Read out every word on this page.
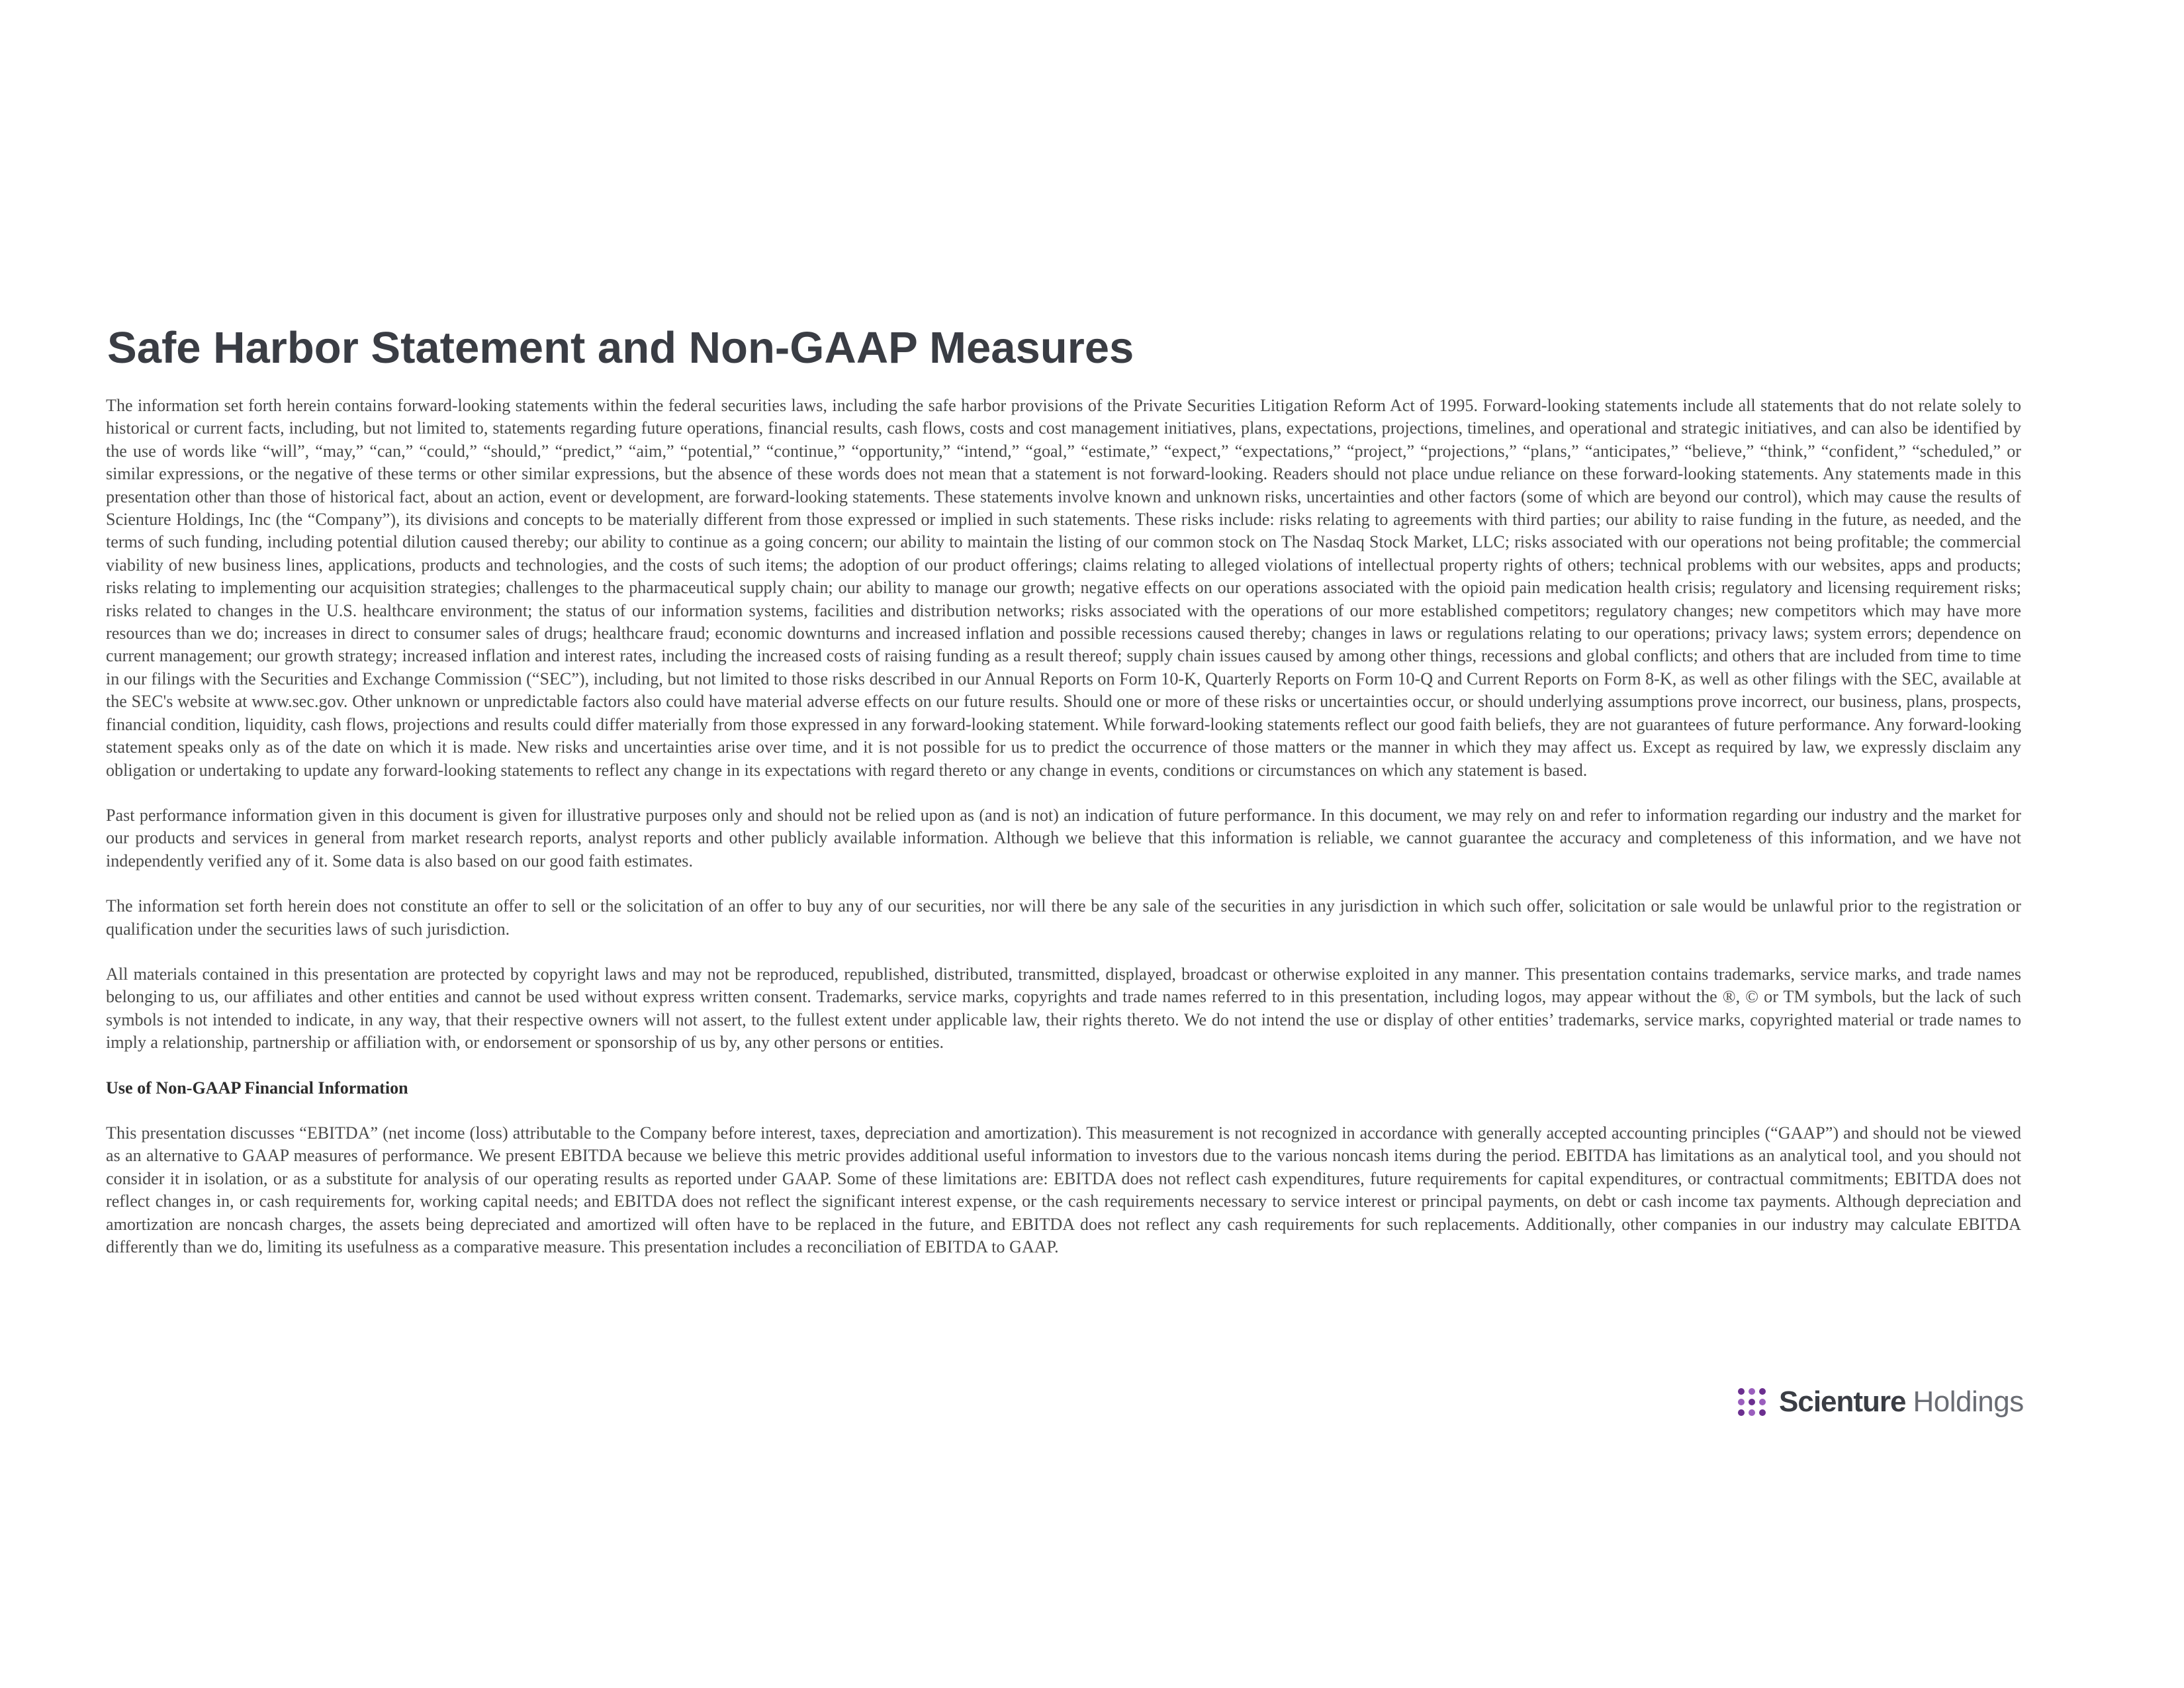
Safe Harbor Statement and Non-GAAP Measures

The information set forth herein contains forward-looking statements within the federal securities laws, including the safe harbor provisions of the Private Securities Litigation Reform Act of 1995. Forward-looking statements include all statements that do not relate solely to historical or current facts, including, but not limited to, statements regarding future operations, financial results, cash flows, costs and cost management initiatives, plans, expectations, projections, timelines, and operational and strategic initiatives, and can also be identified by the use of words like “will”, “may,” “can,” “could,” “should,” “predict,” “aim,” “potential,” “continue,” “opportunity,” “intend,” “goal,” “estimate,” “expect,” “expectations,” “project,” “projections,” “plans,” “anticipates,” “believe,” “think,” “confident,” “scheduled,” or similar expressions, or the negative of these terms or other similar expressions, but the absence of these words does not mean that a statement is not forward-looking. Readers should not place undue reliance on these forward-looking statements. Any statements made in this presentation other than those of historical fact, about an action, event or development, are forward-looking statements. These statements involve known and unknown risks, uncertainties and other factors (some of which are beyond our control), which may cause the results of Scienture Holdings, Inc (the “Company”), its divisions and concepts to be materially different from those expressed or implied in such statements. These risks include: risks relating to agreements with third parties; our ability to raise funding in the future, as needed, and the terms of such funding, including potential dilution caused thereby; our ability to continue as a going concern; our ability to maintain the listing of our common stock on The Nasdaq Stock Market, LLC; risks associated with our operations not being profitable; the commercial viability of new business lines, applications, products and technologies, and the costs of such items; the adoption of our product offerings; claims relating to alleged violations of intellectual property rights of others; technical problems with our websites, apps and products; risks relating to implementing our acquisition strategies; challenges to the pharmaceutical supply chain; our ability to manage our growth; negative effects on our operations associated with the opioid pain medication health crisis; regulatory and licensing requirement risks; risks related to changes in the U.S. healthcare environment; the status of our information systems, facilities and distribution networks; risks associated with the operations of our more established competitors; regulatory changes; new competitors which may have more resources than we do; increases in direct to consumer sales of drugs; healthcare fraud; economic downturns and increased inflation and possible recessions caused thereby; changes in laws or regulations relating to our operations; privacy laws; system errors; dependence on current management; our growth strategy; increased inflation and interest rates, including the increased costs of raising funding as a result thereof; supply chain issues caused by among other things, recessions and global conflicts; and others that are included from time to time in our filings with the Securities and Exchange Commission (“SEC”), including, but not limited to those risks described in our Annual Reports on Form 10-K, Quarterly Reports on Form 10-Q and Current Reports on Form 8-K, as well as other filings with the SEC, available at the SEC's website at www.sec.gov. Other unknown or unpredictable factors also could have material adverse effects on our future results. Should one or more of these risks or uncertainties occur, or should underlying assumptions prove incorrect, our business, plans, prospects, financial condition, liquidity, cash flows, projections and results could differ materially from those expressed in any forward-looking statement. While forward-looking statements reflect our good faith beliefs, they are not guarantees of future performance. Any forward-looking statement speaks only as of the date on which it is made. New risks and uncertainties arise over time, and it is not possible for us to predict the occurrence of those matters or the manner in which they may affect us. Except as required by law, we expressly disclaim any obligation or undertaking to update any forward-looking statements to reflect any change in its expectations with regard thereto or any change in events, conditions or circumstances on which any statement is based.

Past performance information given in this document is given for illustrative purposes only and should not be relied upon as (and is not) an indication of future performance. In this document, we may rely on and refer to information regarding our industry and the market for our products and services in general from market research reports, analyst reports and other publicly available information. Although we believe that this information is reliable, we cannot guarantee the accuracy and completeness of this information, and we have not independently verified any of it. Some data is also based on our good faith estimates.

The information set forth herein does not constitute an offer to sell or the solicitation of an offer to buy any of our securities, nor will there be any sale of the securities in any jurisdiction in which such offer, solicitation or sale would be unlawful prior to the registration or qualification under the securities laws of such jurisdiction.

All materials contained in this presentation are protected by copyright laws and may not be reproduced, republished, distributed, transmitted, displayed, broadcast or otherwise exploited in any manner. This presentation contains trademarks, service marks, and trade names belonging to us, our affiliates and other entities and cannot be used without express written consent. Trademarks, service marks, copyrights and trade names referred to in this presentation, including logos, may appear without the ®, © or TM symbols, but the lack of such symbols is not intended to indicate, in any way, that their respective owners will not assert, to the fullest extent under applicable law, their rights thereto. We do not intend the use or display of other entities’ trademarks, service marks, copyrighted material or trade names to imply a relationship, partnership or affiliation with, or endorsement or sponsorship of us by, any other persons or entities.

Use of Non-GAAP Financial Information

This presentation discusses “EBITDA” (net income (loss) attributable to the Company before interest, taxes, depreciation and amortization). This measurement is not recognized in accordance with generally accepted accounting principles (“GAAP”) and should not be viewed as an alternative to GAAP measures of performance. We present EBITDA because we believe this metric provides additional useful information to investors due to the various noncash items during the period. EBITDA has limitations as an analytical tool, and you should not consider it in isolation, or as a substitute for analysis of our operating results as reported under GAAP. Some of these limitations are: EBITDA does not reflect cash expenditures, future requirements for capital expenditures, or contractual commitments; EBITDA does not reflect changes in, or cash requirements for, working capital needs; and EBITDA does not reflect the significant interest expense, or the cash requirements necessary to service interest or principal payments, on debt or cash income tax payments. Although depreciation and amortization are noncash charges, the assets being depreciated and amortized will often have to be replaced in the future, and EBITDA does not reflect any cash requirements for such replacements. Additionally, other companies in our industry may calculate EBITDA differently than we do, limiting its usefulness as a comparative measure. This presentation includes a reconciliation of EBITDA to GAAP.

Scienture Holdings
